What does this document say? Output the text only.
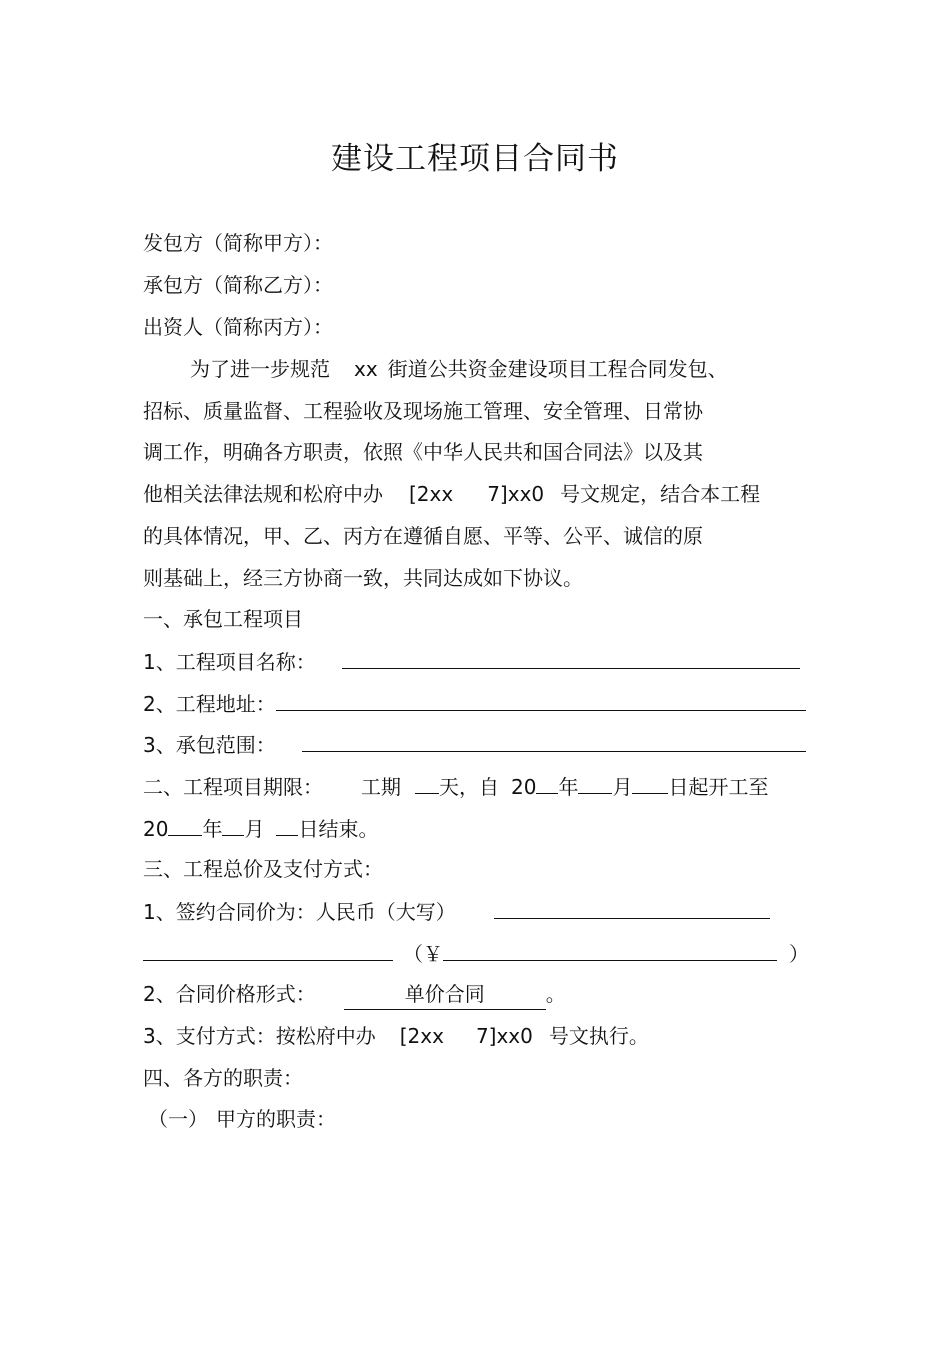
建设工程项目合同书
发包方（简称甲方）：
承包方（简称乙方）：
出资人（简称丙方）：
为了进一步规范 xx 街道公共资金建设项目工程合同发包、
招标、质量监督、工程验收及现场施工管理、安全管理、日常协
调工作，明确各方职责，依照《中华人民共和国合同法》以及其
他相关法律法规和松府中办 [2xx 7]xx0 号文规定，结合本工程
的具体情况，甲、乙、丙方在遵循自愿、平等、公平、诚信的原
则基础上，经三方协商一致，共同达成如下协议。
一、承包工程项目
1、工程项目名称：
2、工程地址：
3、承包范围：
二、工程项目期限： 工期 天，自 20 年 月 日起开工至
20 年 月 日结束。
三、工程总价及支付方式：
1、签约合同价为：人民币（大写）
（￥	）
2、合同价格形式：	单价合同	。
3、支付方式：按松府中办 [2xx 7]xx0 号文执行。
四、各方的职责：
（一） 甲方的职责：
